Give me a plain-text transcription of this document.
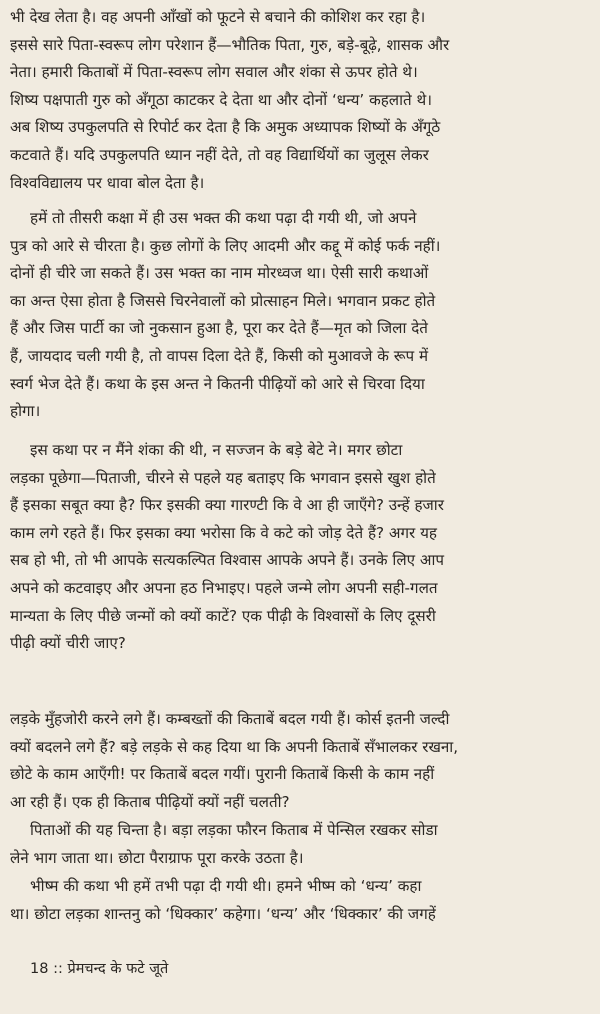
भी देख लेता है। वह अपनी आँखों को फूटने से बचाने की कोशिश कर रहा है।
इससे सारे पिता-स्वरूप लोग परेशान हैं—भौतिक पिता, गुरु, बड़े-बूढ़े, शासक और
नेता। हमारी किताबों में पिता-स्वरूप लोग सवाल और शंका से ऊपर होते थे।
शिष्य पक्षपाती गुरु को अँगूठा काटकर दे देता था और दोनों ‘धन्य’ कहलाते थे।
अब शिष्य उपकुलपति से रिपोर्ट कर देता है कि अमुक अध्यापक शिष्यों के अँगूठे
कटवाते हैं। यदि उपकुलपति ध्यान नहीं देते, तो वह विद्यार्थियों का जुलूस लेकर
विश्वविद्यालय पर धावा बोल देता है।
हमें तो तीसरी कक्षा में ही उस भक्त की कथा पढ़ा दी गयी थी, जो अपने
पुत्र को आरे से चीरता है। कुछ लोगों के लिए आदमी और कद्दू में कोई फर्क नहीं।
दोनों ही चीरे जा सकते हैं। उस भक्त का नाम मोरध्वज था। ऐसी सारी कथाओं
का अन्त ऐसा होता है जिससे चिरनेवालों को प्रोत्साहन मिले। भगवान प्रकट होते
हैं और जिस पार्टी का जो नुकसान हुआ है, पूरा कर देते हैं—मृत को जिला देते
हैं, जायदाद चली गयी है, तो वापस दिला देते हैं, किसी को मुआवजे के रूप में
स्वर्ग भेज देते हैं। कथा के इस अन्त ने कितनी पीढ़ियों को आरे से चिरवा दिया
होगा।
इस कथा पर न मैंने शंका की थी, न सज्जन के बड़े बेटे ने। मगर छोटा
लड़का पूछेगा—पिताजी, चीरने से पहले यह बताइए कि भगवान इससे खुश होते
हैं इसका सबूत क्या है? फिर इसकी क्या गारण्टी कि वे आ ही जाएँगे? उन्हें हजार
काम लगे रहते हैं। फिर इसका क्या भरोसा कि वे कटे को जोड़ देते हैं? अगर यह
सब हो भी, तो भी आपके सत्यकल्पित विश्वास आपके अपने हैं। उनके लिए आप
अपने को कटवाइए और अपना हठ निभाइए। पहले जन्मे लोग अपनी सही-गलत
मान्यता के लिए पीछे जन्मों को क्यों काटें? एक पीढ़ी के विश्वासों के लिए दूसरी
पीढ़ी क्यों चीरी जाए?
लड़के मुँहजोरी करने लगे हैं। कम्बख्तों की किताबें बदल गयी हैं। कोर्स इतनी जल्दी
क्यों बदलने लगे हैं? बड़े लड़के से कह दिया था कि अपनी किताबें सँभालकर रखना,
छोटे के काम आएँगी! पर किताबें बदल गयीं। पुरानी किताबें किसी के काम नहीं
आ रही हैं। एक ही किताब पीढ़ियों क्यों नहीं चलती?
पिताओं की यह चिन्ता है। बड़ा लड़का फौरन किताब में पेन्सिल रखकर सोडा
लेने भाग जाता था। छोटा पैराग्राफ पूरा करके उठता है।
भीष्म की कथा भी हमें तभी पढ़ा दी गयी थी। हमने भीष्म को ‘धन्य’ कहा
था। छोटा लड़का शान्तनु को ‘धिक्कार’ कहेगा। ‘धन्य’ और ‘धिक्कार’ की जगहें
18 :: प्रेमचन्द के फटे जूते
